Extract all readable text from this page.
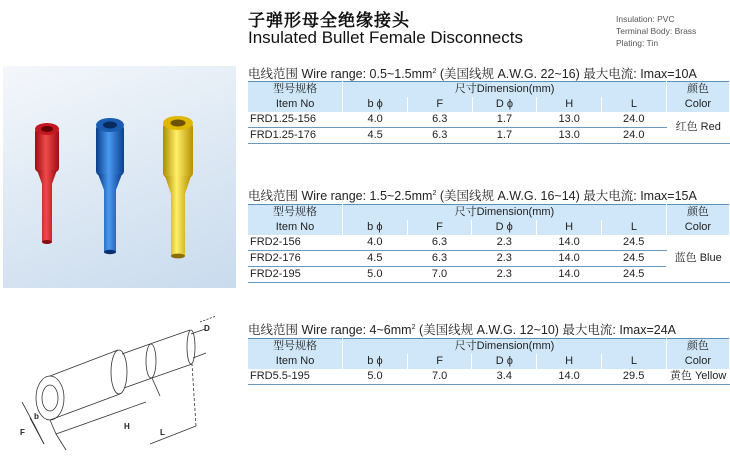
子弹形母全绝缘接头
Insulated Bullet Female Disconnects
Insulation: PVC
Terminal Body: Brass
Plating: Tin
电线范围 Wire range: $0.5\sim 1.5mm^2$ (美国线规 A.W.G. 22~16) 最大电流: Imax=10A
型号规格	尺寸Dimension(mm)					颜色
Item No	b ϕ	F	D ϕ	H	L	Color
FRD1.25-156	4.0	6.3	1.7	13.0	24.0	红色 Red
FRD1.25-176	4.5	6.3	1.7	13.0	24.0	
电线范围 Wire range: $1.5\sim 2.5mm^2$ (美国线规 A.W.G. 16~14) 最大电流: Imax=15A
型号规格	尺寸Dimension(mm)					颜色
Item No	b ϕ	F	D ϕ	H	L	Color
FRD2-156	4.0	6.3	2.3	14.0	24.5	蓝色 Blue
FRD2-176	4.5	6.3	2.3	14.0	24.5	
FRD2-195	5.0	7.0	2.3	14.0	24.5	
电线范围 Wire range: $4\sim 6mm^2$ (美国线规 A.W.G. 12~10) 最大电流: Imax=24A
型号规格	尺寸Dimension(mm)					颜色
Item No	b ϕ	F	D ϕ	H	L	Color
FRD5.5-195	5.0	7.0	3.4	14.0	29.5	黄色 Yellow
D
b
F
H
L
